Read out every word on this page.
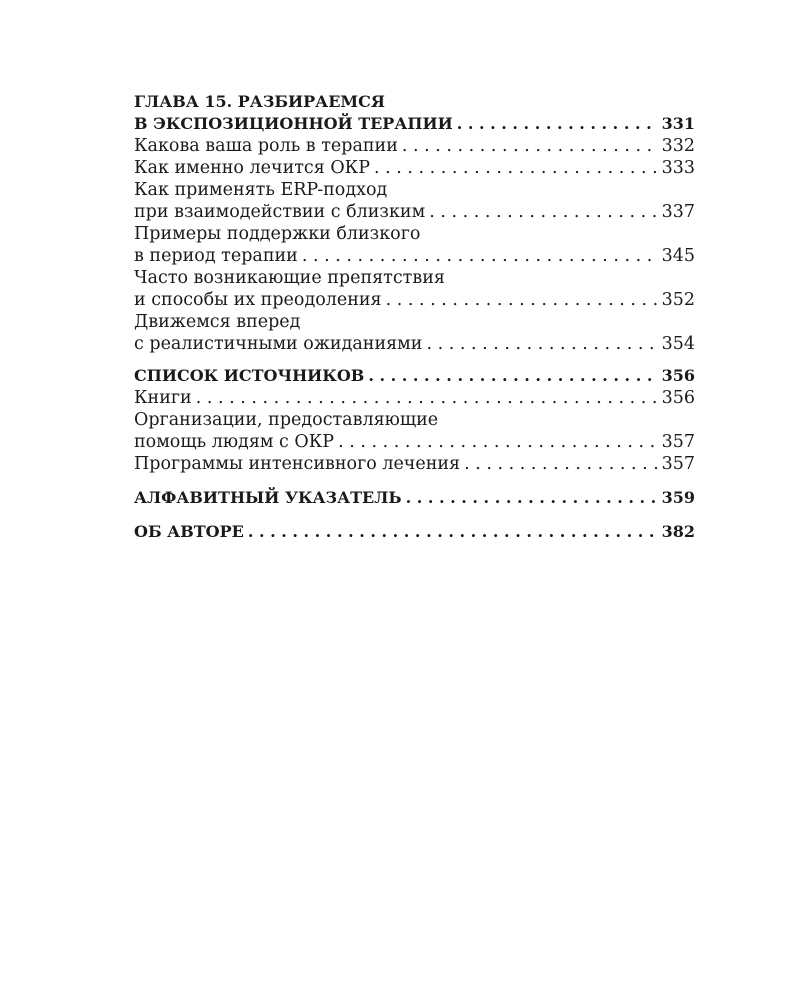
ГЛАВА 15. РАЗБИРАЕМСЯ
В ЭКСПОЗИЦИОННОЙ ТЕРАПИИ . . .	331
Какова ваша роль в терапии . . .	332
Как именно лечится ОКР . . .	333
Как применять ERP-подход
при взаимодействии с близким . . .	337
Примеры поддержки близкого
в период терапии . . .	345
Часто возникающие препятствия
и способы их преодоления . . .	352
Движемся вперед
с реалистичными ожиданиями . . .	354
СПИСОК ИСТОЧНИКОВ . . .	356
Книги . . .	356
Организации, предоставляющие
помощь людям с ОКР . . .	357
Программы интенсивного лечения . . .	357
АЛФАВИТНЫЙ УКАЗАТЕЛЬ . . .	359
ОБ АВТОРЕ . . .	382
